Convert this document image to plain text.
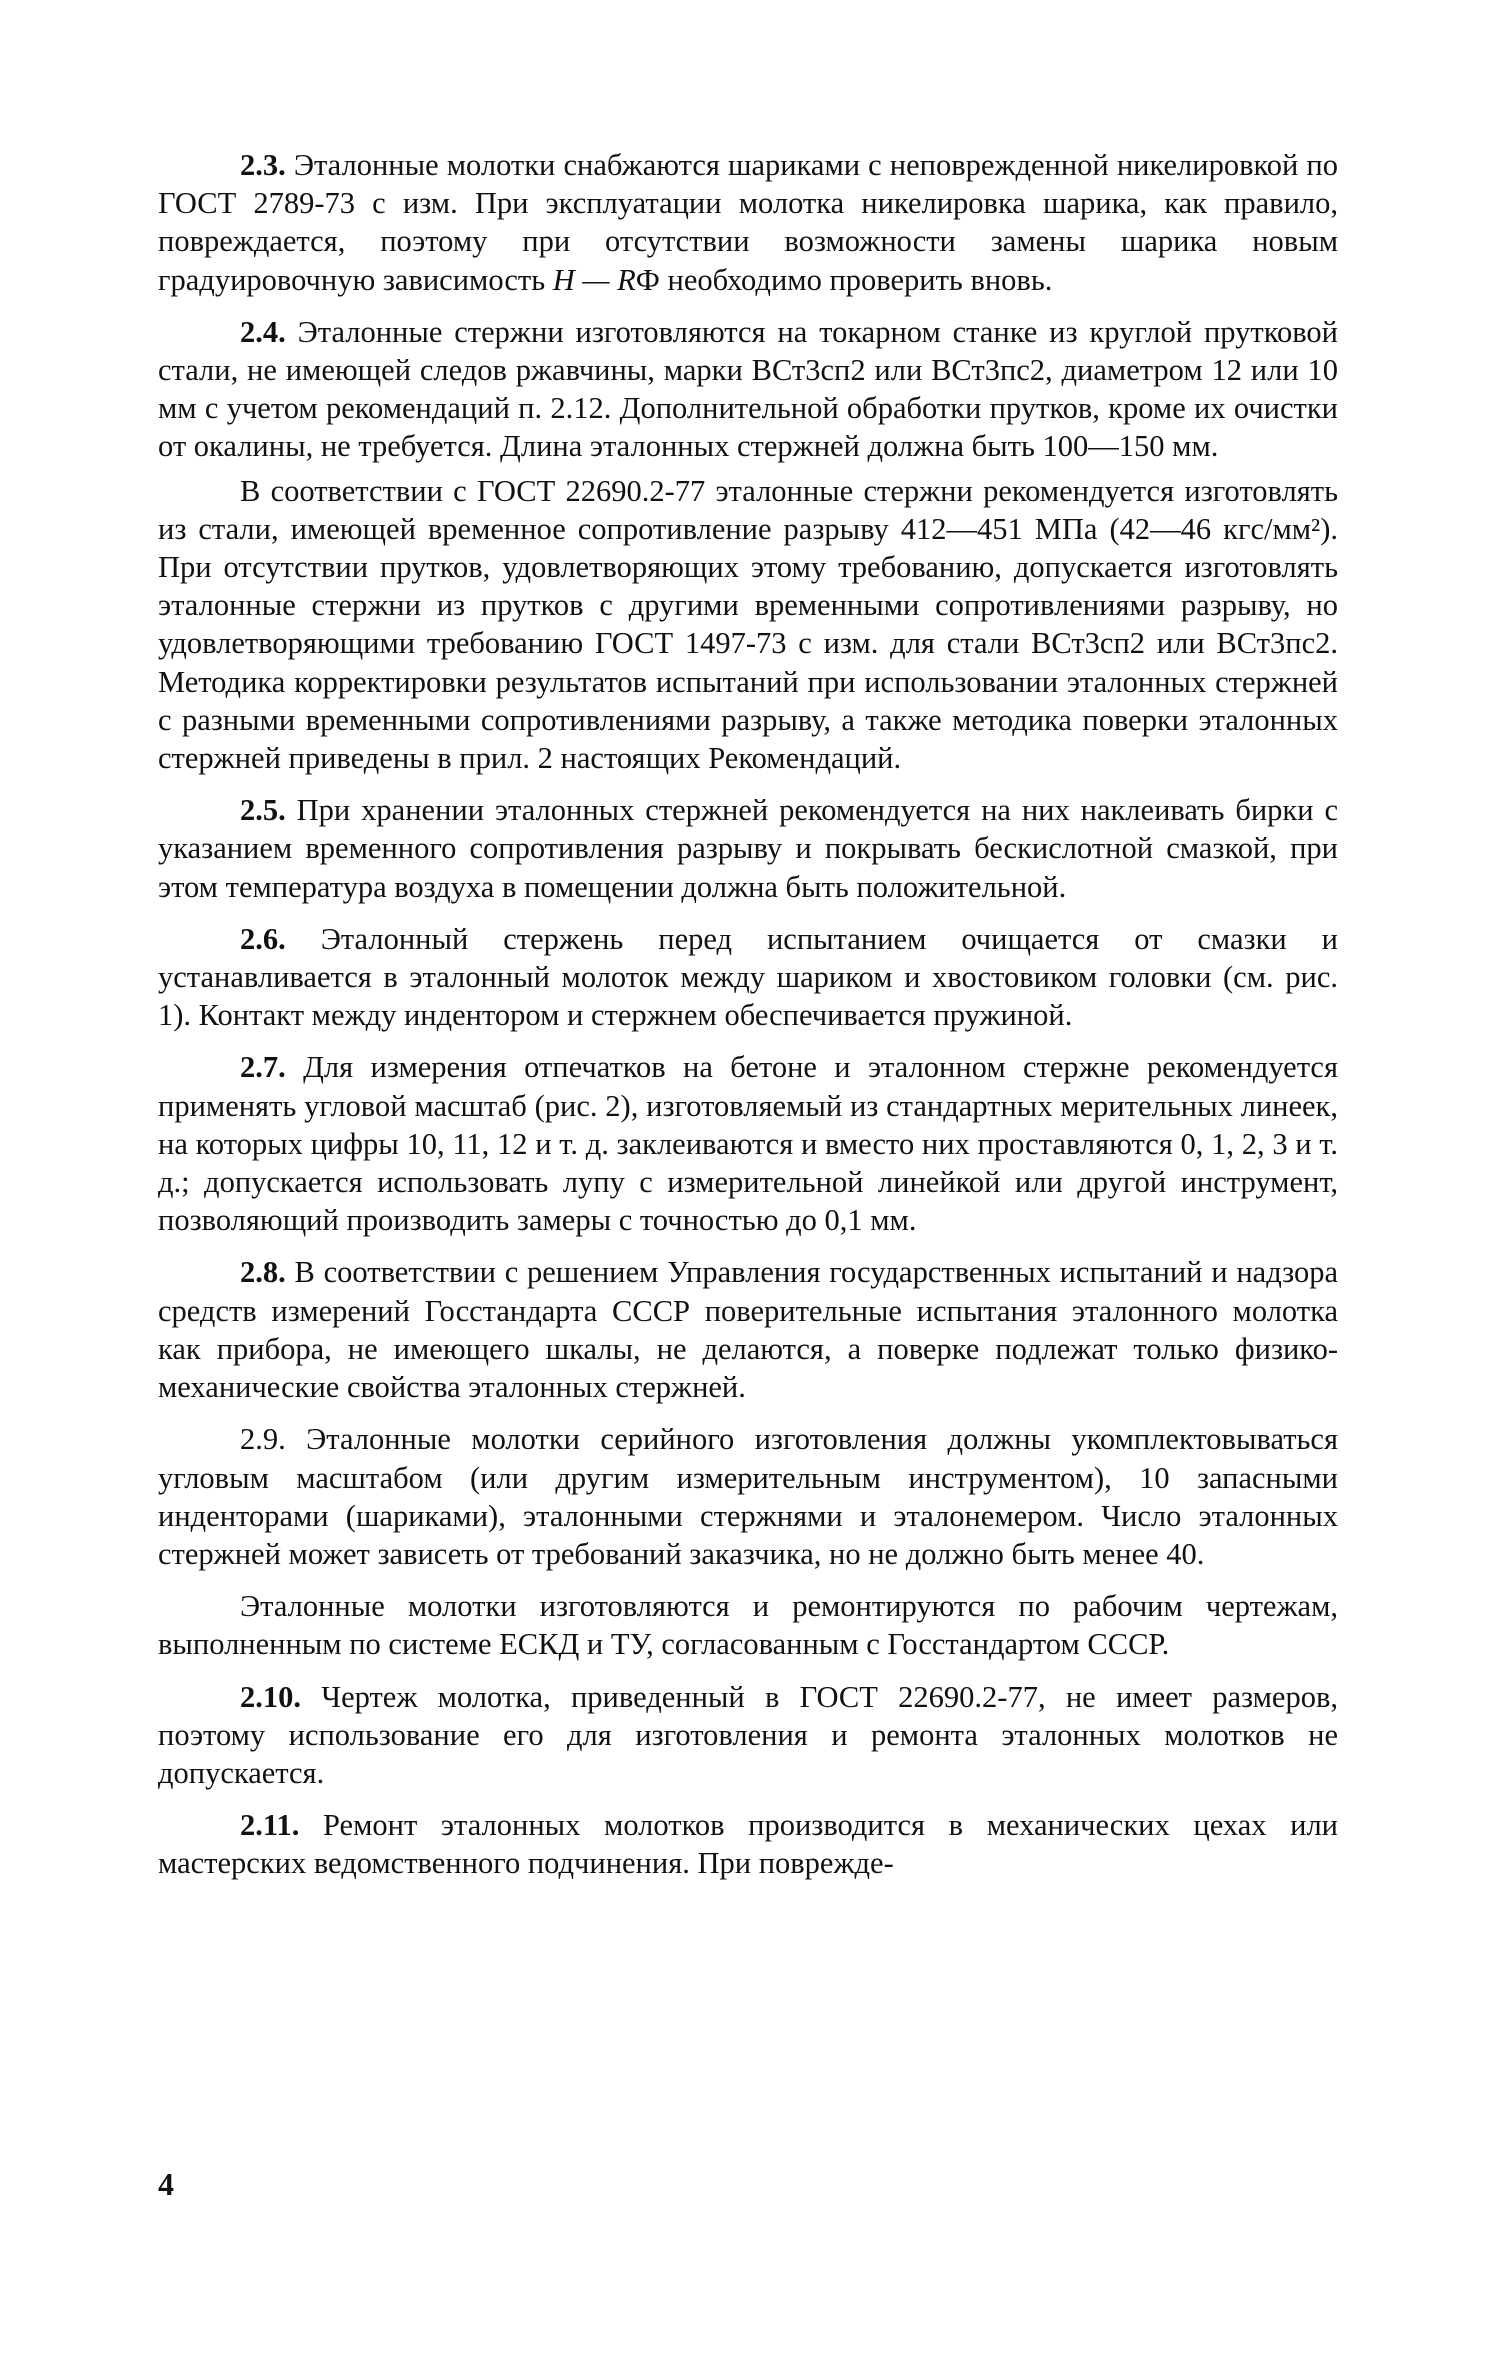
2.3. Эталонные молотки снабжаются шариками с неповрежденной никелировкой по ГОСТ 2789-73 с изм. При эксплуатации молотка никелировка шарика, как правило, повреждается, поэтому при отсутствии возможности замены шарика новым градуировочную зависимость H — RФ необходимо проверить вновь.

2.4. Эталонные стержни изготовляются на токарном станке из круглой прутковой стали, не имеющей следов ржавчины, марки ВСт3сп2 или ВСт3пс2, диаметром 12 или 10 мм с учетом рекомендаций п. 2.12. Дополнительной обработки прутков, кроме их очистки от окалины, не требуется. Длина эталонных стержней должна быть 100—150 мм.

В соответствии с ГОСТ 22690.2-77 эталонные стержни рекомендуется изготовлять из стали, имеющей временное сопротивление разрыву 412—451 МПа (42—46 кгс/мм²). При отсутствии прутков, удовлетворяющих этому требованию, допускается изготовлять эталонные стержни из прутков с другими временными сопротивлениями разрыву, но удовлетворяющими требованию ГОСТ 1497-73 с изм. для стали ВСт3сп2 или ВСт3пс2. Методика корректировки результатов испытаний при использовании эталонных стержней с разными временными сопротивлениями разрыву, а также методика поверки эталонных стержней приведены в прил. 2 настоящих Рекомендаций.

2.5. При хранении эталонных стержней рекомендуется на них наклеивать бирки с указанием временного сопротивления разрыву и покрывать бескислотной смазкой, при этом температура воздуха в помещении должна быть положительной.

2.6. Эталонный стержень перед испытанием очищается от смазки и устанавливается в эталонный молоток между шариком и хвостовиком головки (см. рис. 1). Контакт между индентором и стержнем обеспечивается пружиной.

2.7. Для измерения отпечатков на бетоне и эталонном стержне рекомендуется применять угловой масштаб (рис. 2), изготовляемый из стандартных мерительных линеек, на которых цифры 10, 11, 12 и т. д. заклеиваются и вместо них проставляются 0, 1, 2, 3 и т. д.; допускается использовать лупу с измерительной линейкой или другой инструмент, позволяющий производить замеры с точностью до 0,1 мм.

2.8. В соответствии с решением Управления государственных испытаний и надзора средств измерений Госстандарта СССР поверительные испытания эталонного молотка как прибора, не имеющего шкалы, не делаются, а поверке подлежат только физико-механические свойства эталонных стержней.

2.9. Эталонные молотки серийного изготовления должны укомплектовываться угловым масштабом (или другим измерительным инструментом), 10 запасными инденторами (шариками), эталонными стержнями и эталонемером. Число эталонных стержней может зависеть от требований заказчика, но не должно быть менее 40.

Эталонные молотки изготовляются и ремонтируются по рабочим чертежам, выполненным по системе ЕСКД и ТУ, согласованным с Госстандартом СССР.

2.10. Чертеж молотка, приведенный в ГОСТ 22690.2-77, не имеет размеров, поэтому использование его для изготовления и ремонта эталонных молотков не допускается.

2.11. Ремонт эталонных молотков производится в механических цехах или мастерских ведомственного подчинения. При поврежде-

4
